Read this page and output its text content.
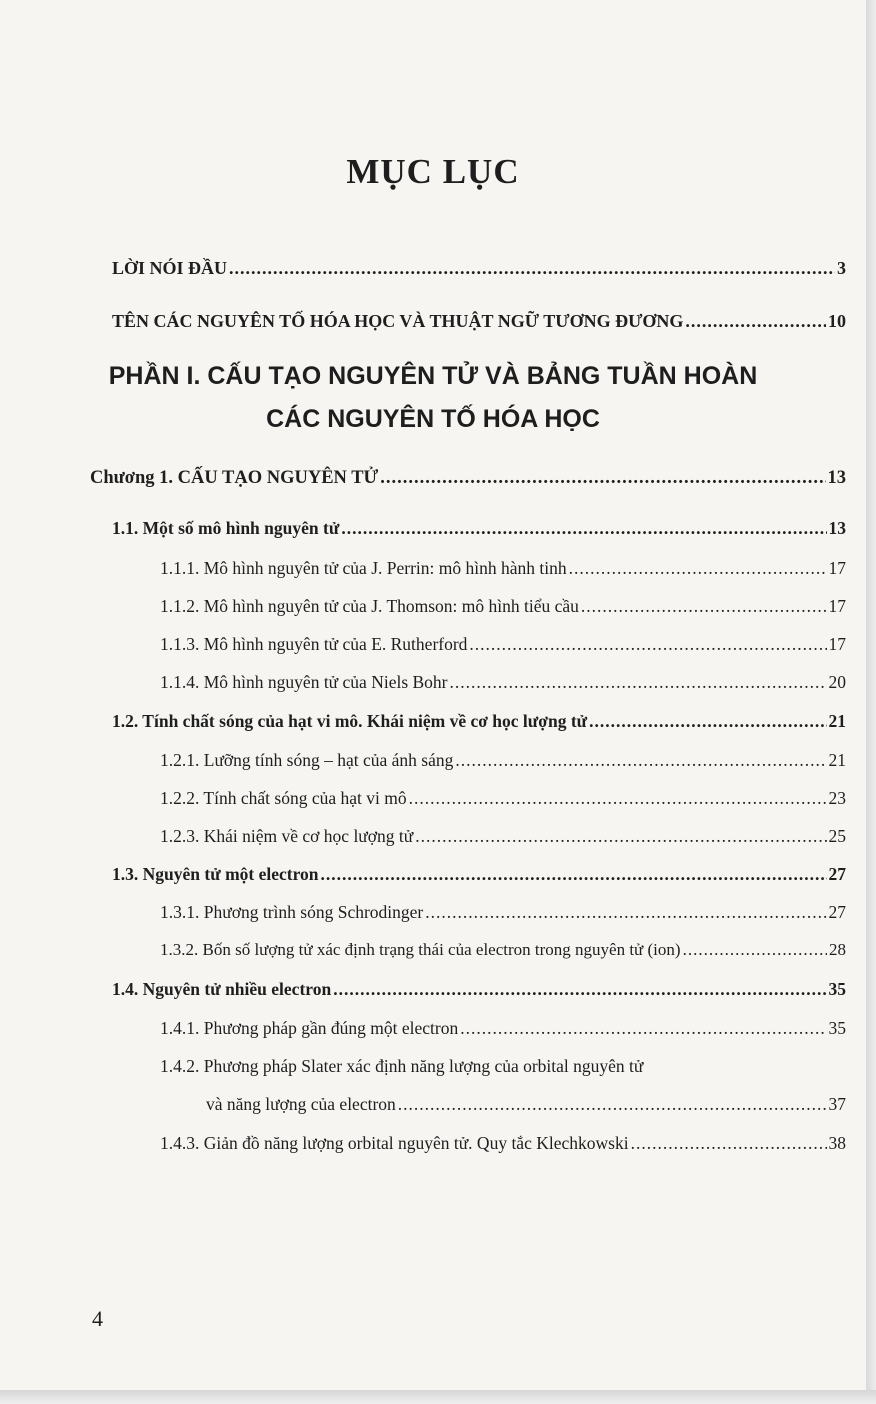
MỤC LỤC
LỜI NÓI ĐẦU .....	3
TÊN CÁC NGUYÊN TỐ HÓA HỌC VÀ THUẬT NGỮ TƯƠNG ĐƯƠNG .....	10
PHẦN I. CẤU TẠO NGUYÊN TỬ VÀ BẢNG TUẦN HOÀN
CÁC NGUYÊN TỐ HÓA HỌC
Chương 1. CẤU TẠO NGUYÊN TỬ .....	13
1.1. Một số mô hình nguyên tử .....	13
1.1.1. Mô hình nguyên tử của J. Perrin: mô hình hành tinh .....	17
1.1.2. Mô hình nguyên tử của J. Thomson: mô hình tiểu cầu .....	17
1.1.3. Mô hình nguyên tử của E. Rutherford .....	17
1.1.4. Mô hình nguyên tử của Niels Bohr .....	20
1.2. Tính chất sóng của hạt vi mô. Khái niệm về cơ học lượng tử .....	21
1.2.1. Lưỡng tính sóng – hạt của ánh sáng .....	21
1.2.2. Tính chất sóng của hạt vi mô .....	23
1.2.3. Khái niệm về cơ học lượng tử .....	25
1.3. Nguyên tử một electron .....	27
1.3.1. Phương trình sóng Schrodinger .....	27
1.3.2. Bốn số lượng tử xác định trạng thái của electron trong nguyên tử (ion) .....	28
1.4. Nguyên tử nhiều electron .....	35
1.4.1. Phương pháp gần đúng một electron .....	35
1.4.2. Phương pháp Slater xác định năng lượng của orbital nguyên tử
và năng lượng của electron .....	37
1.4.3. Giản đồ năng lượng orbital nguyên tử. Quy tắc Klechkowski .....	38
4
